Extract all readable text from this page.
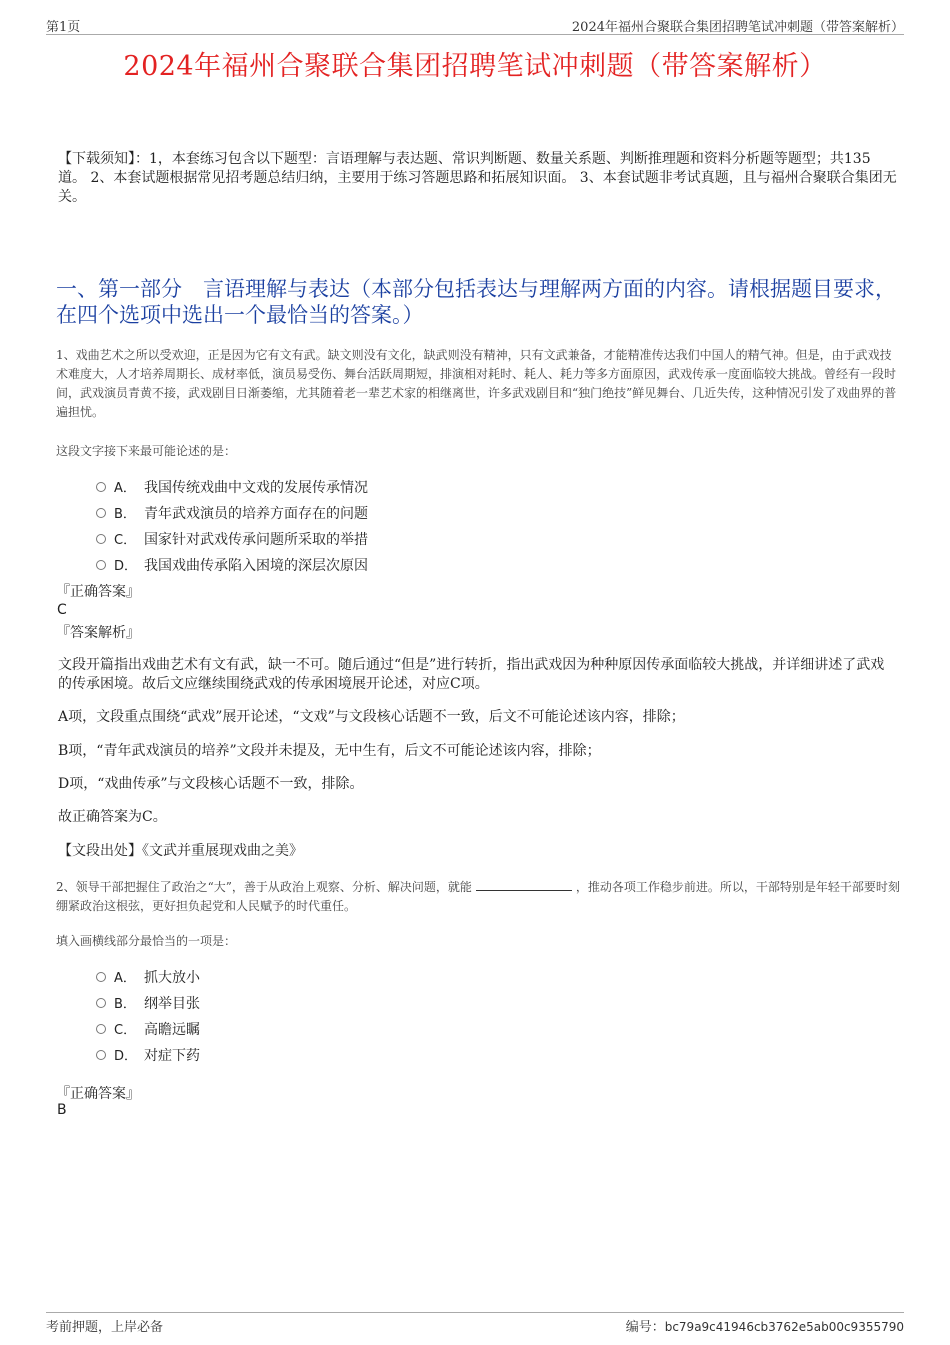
第1页	2024年福州合聚联合集团招聘笔试冲刺题（带答案解析）
2024年福州合聚联合集团招聘笔试冲刺题（带答案解析）
【下载须知】：1，本套练习包含以下题型：言语理解与表达题、常识判断题、数量关系题、判断推理题和资料分析题等题型；共135道。 2、本套试题根据常见招考题总结归纳，主要用于练习答题思路和拓展知识面。 3、本套试题非考试真题，且与福州合聚联合集团无关。
一、第一部分　言语理解与表达（本部分包括表达与理解两方面的内容。请根据题目要求，在四个选项中选出一个最恰当的答案。）
1、戏曲艺术之所以受欢迎，正是因为它有文有武。缺文则没有文化，缺武则没有精神，只有文武兼备，才能精准传达我们中国人的精气神。但是，由于武戏技术难度大，人才培养周期长、成材率低，演员易受伤、舞台活跃周期短，排演相对耗时、耗人、耗力等多方面原因，武戏传承一度面临较大挑战。曾经有一段时间，武戏演员青黄不接，武戏剧目日渐萎缩，尤其随着老一辈艺术家的相继离世，许多武戏剧目和“独门绝技”鲜见舞台、几近失传，这种情况引发了戏曲界的普遍担忧。
这段文字接下来最可能论述的是：
A． 我国传统戏曲中文戏的发展传承情况
B． 青年武戏演员的培养方面存在的问题
C． 国家针对武戏传承问题所采取的举措
D． 我国戏曲传承陷入困境的深层次原因
『正确答案』
C
『答案解析』
文段开篇指出戏曲艺术有文有武，缺一不可。随后通过“但是”进行转折，指出武戏因为种种原因传承面临较大挑战，并详细讲述了武戏的传承困境。故后文应继续围绕武戏的传承困境展开论述，对应C项。
A项，文段重点围绕“武戏”展开论述，“文戏”与文段核心话题不一致，后文不可能论述该内容，排除；
B项，“青年武戏演员的培养”文段并未提及，无中生有，后文不可能论述该内容，排除；
D项，“戏曲传承”与文段核心话题不一致，排除。
故正确答案为C。
【文段出处】《文武并重展现戏曲之美》
2、领导干部把握住了政治之“大”，善于从政治上观察、分析、解决问题，就能	，推动各项工作稳步前进。所以，干部特别是年轻干部要时刻绷紧政治这根弦，更好担负起党和人民赋予的时代重任。
填入画横线部分最恰当的一项是：
A． 抓大放小
B． 纲举目张
C． 高瞻远瞩
D． 对症下药
『正确答案』
B
考前押题，上岸必备	编号：bc79a9c41946cb3762e5ab00c9355790
